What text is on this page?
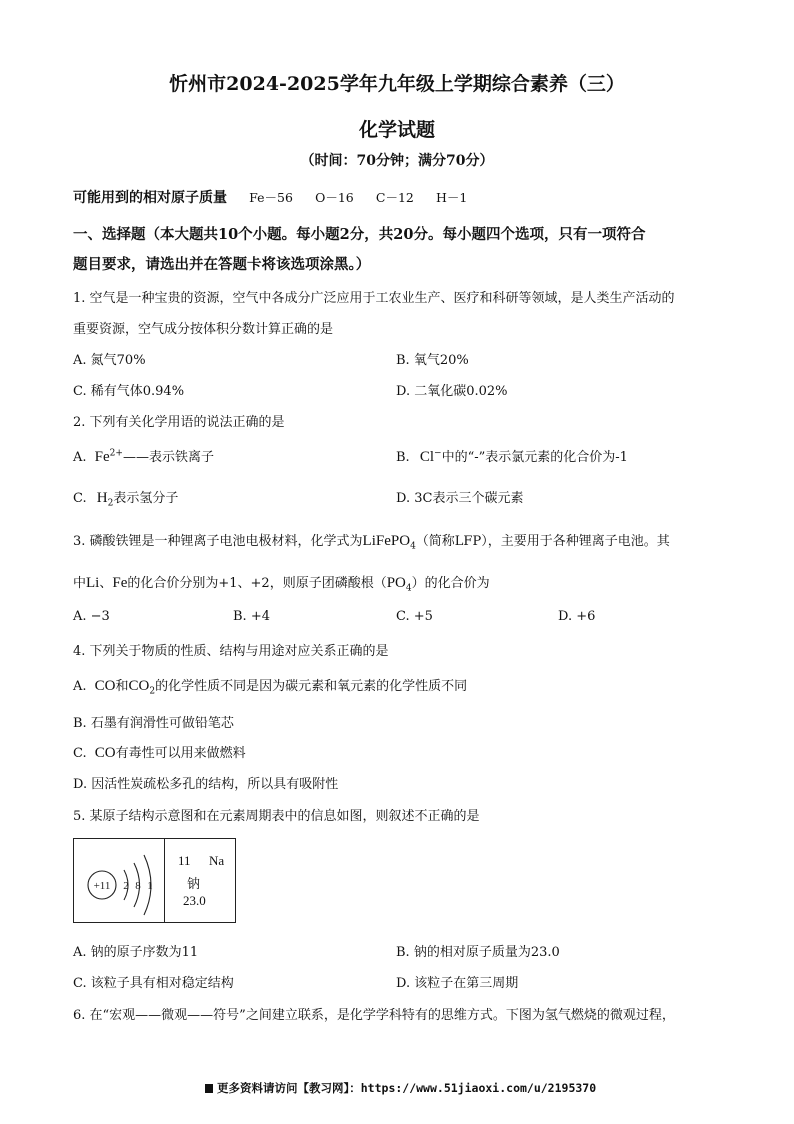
忻州市2024-2025学年九年级上学期综合素养（三）
化学试题
（时间：70分钟；满分70分）
可能用到的相对原子质量 Fe－56 O－16 C－12 H－1
一、选择题（本大题共10个小题。每小题2分，共20分。每小题四个选项，只有一项符合
题目要求，请选出并在答题卡将该选项涂黑。）
1. 空气是一种宝贵的资源，空气中各成分广泛应用于工农业生产、医疗和科研等领域，是人类生产活动的
重要资源，空气成分按体积分数计算正确的是
A. 氮气70%	B. 氧气20%
C. 稀有气体0.94%	D. 二氧化碳0.02%
2. 下列有关化学用语的说法正确的是
A. $Fe^{2+}——$表示铁离子	B. Cl−中的“-”表示氯元素的化合价为-1
C. $H_2$表示氢分子	D. 3C表示三个碳元素
3. 磷酸铁锂是一种锂离子电池电极材料，化学式为LiFePO$_4$（简称LFP），主要用于各种锂离子电池。其
中Li、Fe的化合价分别为+1、+2，则原子团磷酸根$(PO_4)$的化合价为
A. −3	B. +4	C. +5	D. +6
4. 下列关于物质的性质、结构与用途对应关系正确的是
A. CO和$CO_2$的化学性质不同是因为碳元素和氧元素的化学性质不同
B. 石墨有润滑性可做铅笔芯
C. CO有毒性可以用来做燃料
D. 因活性炭疏松多孔的结构，所以具有吸附性
5. 某原子结构示意图和在元素周期表中的信息如图，则叙述不正确的是
+11 2 8 1
11 Na
钠
23.0
A. 钠的原子序数为11	B. 钠的相对原子质量为23.0
C. 该粒子具有相对稳定结构	D. 该粒子在第三周期
6. 在“宏观——微观——符号”之间建立联系，是化学学科特有的思维方式。下图为氢气燃烧的微观过程，
更多资料请访问【教习网】：https://www.51jiaoxi.com/u/2195370
